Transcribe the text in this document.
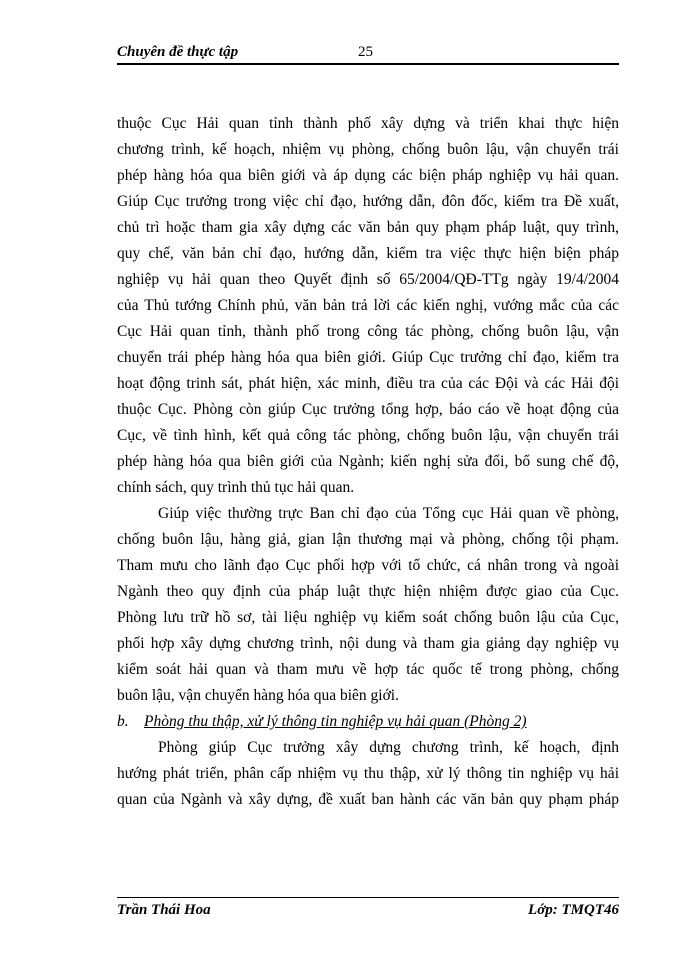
Chuyên đề thực tập	25
thuộc Cục Hải quan tỉnh thành phố xây dựng và triển khai thực hiện
chương trình, kế hoạch, nhiệm vụ phòng, chống buôn lậu, vận chuyển trái
phép hàng hóa qua biên giới và áp dụng các biện pháp nghiệp vụ hải quan.
Giúp Cục trưởng trong việc chỉ đạo, hướng dẫn, đôn đốc, kiểm tra Đề xuất,
chủ trì hoặc tham gia xây dựng các văn bản quy phạm pháp luật, quy trình,
quy chế, văn bản chỉ đạo, hướng dẫn, kiểm tra việc thực hiện biện pháp
nghiệp vụ hải quan theo Quyết định số 65/2004/QĐ-TTg ngày 19/4/2004
của Thủ tướng Chính phủ, văn bản trả lời các kiến nghị, vướng mắc của các
Cục Hải quan tỉnh, thành phố trong công tác phòng, chống buôn lậu, vận
chuyển trái phép hàng hóa qua biên giới. Giúp Cục trưởng chỉ đạo, kiểm tra
hoạt động trinh sát, phát hiện, xác minh, điều tra của các Đội và các Hải đội
thuộc Cục. Phòng còn giúp Cục trưởng tổng hợp, báo cáo về hoạt động của
Cục, về tình hình, kết quả công tác phòng, chống buôn lậu, vận chuyển trái
phép hàng hóa qua biên giới của Ngành; kiến nghị sửa đổi, bổ sung chế độ,
chính sách, quy trình thủ tục hải quan.
Giúp việc thường trực Ban chỉ đạo của Tổng cục Hải quan về phòng,
chống buôn lậu, hàng giả, gian lận thương mại và phòng, chống tội phạm.
Tham mưu cho lãnh đạo Cục phối hợp với tổ chức, cá nhân trong và ngoài
Ngành theo quy định của pháp luật thực hiện nhiệm được giao của Cục.
Phòng lưu trữ hồ sơ, tài liệu nghiệp vụ kiểm soát chống buôn lậu của Cục,
phối hợp xây dựng chương trình, nội dung và tham gia giảng dạy nghiệp vụ
kiểm soát hải quan và tham mưu về hợp tác quốc tế trong phòng, chống
buôn lậu, vận chuyển hàng hóa qua biên giới.
b. Phòng thu thập, xử lý thông tin nghiệp vụ hải quan (Phòng 2)
Phòng giúp Cục trưởng xây dựng chương trình, kế hoạch, định
hướng phát triển, phân cấp nhiệm vụ thu thập, xử lý thông tin nghiệp vụ hải
quan của Ngành và xây dựng, đề xuất ban hành các văn bản quy phạm pháp
Trần Thái Hoa	Lớp: TMQT46
